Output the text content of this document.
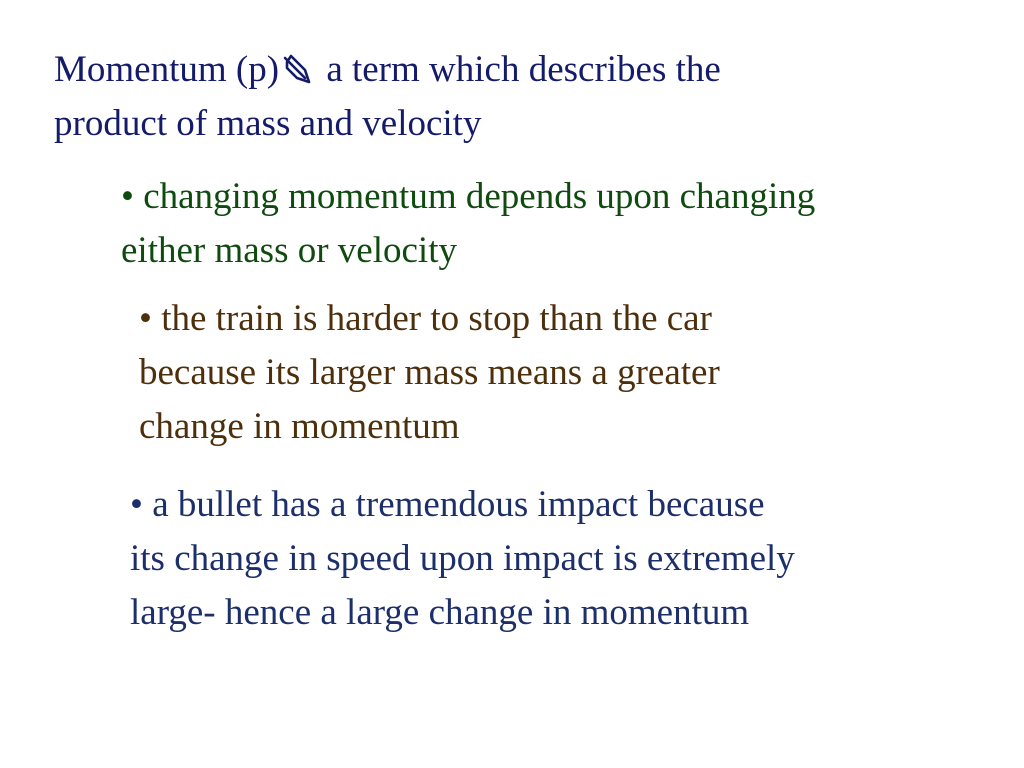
Momentum (p) a term which describes the
product of mass and velocity

• changing momentum depends upon changing
either mass or velocity

• the train is harder to stop than the car
because its larger mass means a greater
change in momentum

• a bullet has a tremendous impact because
its change in speed upon impact is extremely
large- hence a large change in momentum
